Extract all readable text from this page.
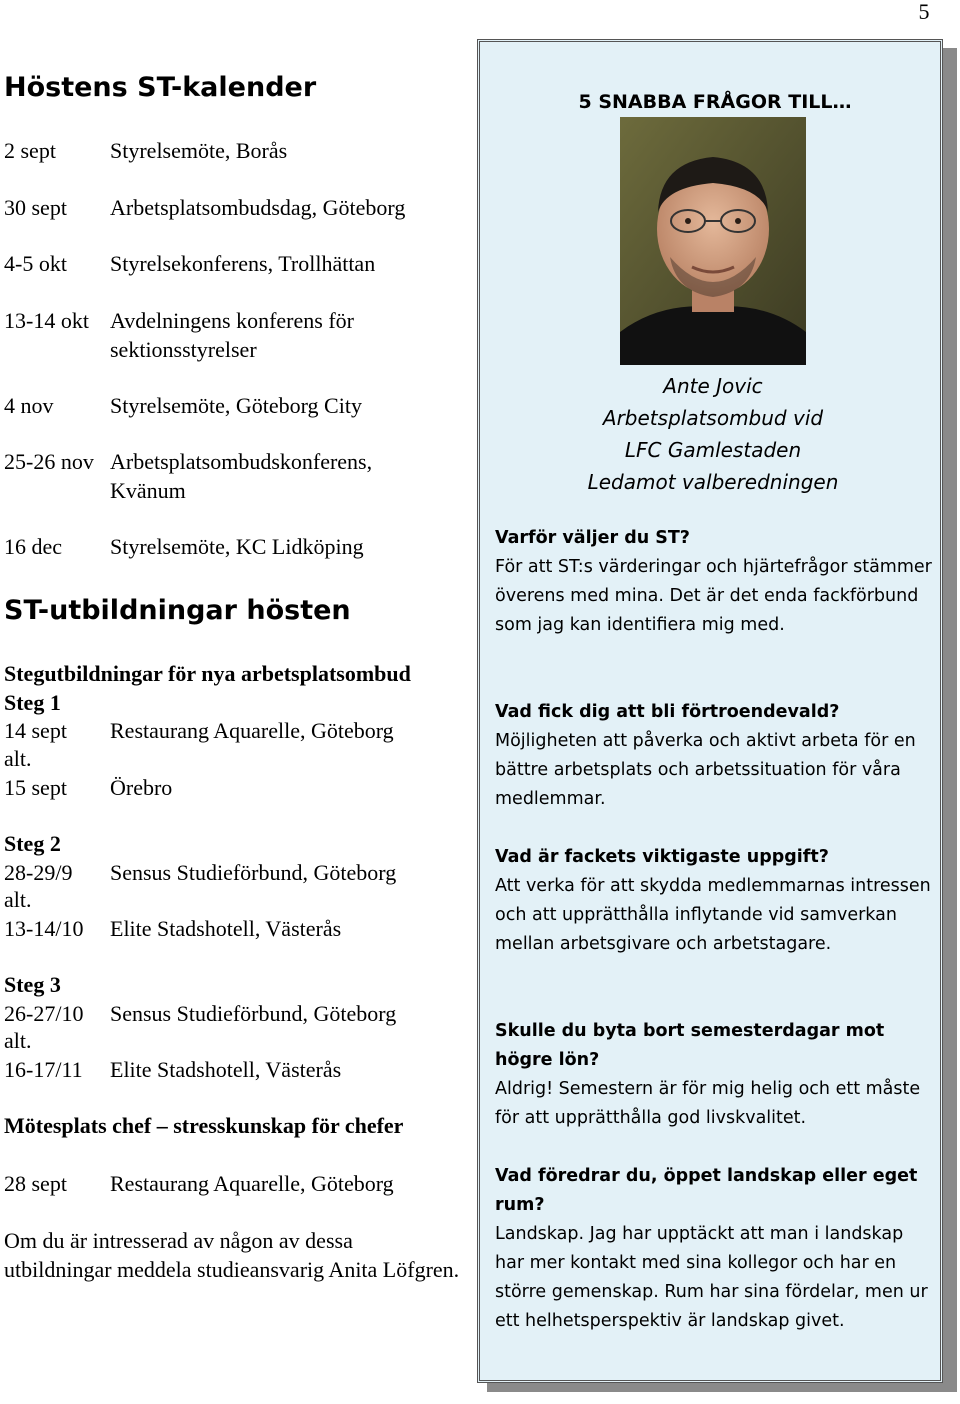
5
Höstens ST-kalender
2 sept Styrelsemöte, Borås
30 sept Arbetsplatsombudsdag, Göteborg
4-5 okt Styrelsekonferens, Trollhättan
13-14 okt Avdelningens konferens för sektionsstyrelser
4 nov	Styrelsemöte, Göteborg City
25-26 nov Arbetsplatsombudskonferens, Kvänum
16 dec Styrelsemöte, KC Lidköping
ST-utbildningar hösten
Stegutbildningar för nya arbetsplatsombud
Steg 1
14 sept Restaurang Aquarelle, Göteborg
alt.
15 sept Örebro
Steg 2
28-29/9 Sensus Studieförbund, Göteborg
alt.
13-14/10 Elite Stadshotell, Västerås
Steg 3
26-27/10 Sensus Studieförbund, Göteborg
alt.
16-17/11 Elite Stadshotell, Västerås
Mötesplats chef – stresskunskap för chefer
28 sept Restaurang Aquarelle, Göteborg
Om du är intresserad av någon av dessa utbildningar meddela studieansvarig Anita Löfgren.
5 SNABBA FRÅGOR TILL…
Ante Jovic
Arbetsplatsombud vid
LFC Gamlestaden
Ledamot valberedningen
Varför väljer du ST?
För att ST:s värderingar och hjärtefrågor stämmer överens med mina. Det är det enda fackförbund som jag kan identifiera mig med.
Vad fick dig att bli förtroendevald?
Möjligheten att påverka och aktivt arbeta för en bättre arbetsplats och arbetssituation för våra medlemmar.
Vad är fackets viktigaste uppgift?
Att verka för att skydda medlemmarnas intressen och att upprätthålla inflytande vid samverkan mellan arbetsgivare och arbetstagare.
Skulle du byta bort semesterdagar mot högre lön?
Aldrig! Semestern är för mig helig och ett måste för att upprätthålla god livskvalitet.
Vad föredrar du, öppet landskap eller eget rum?
Landskap. Jag har upptäckt att man i landskap har mer kontakt med sina kollegor och har en större gemenskap. Rum har sina fördelar, men ur ett helhetsperspektiv är landskap givet.
